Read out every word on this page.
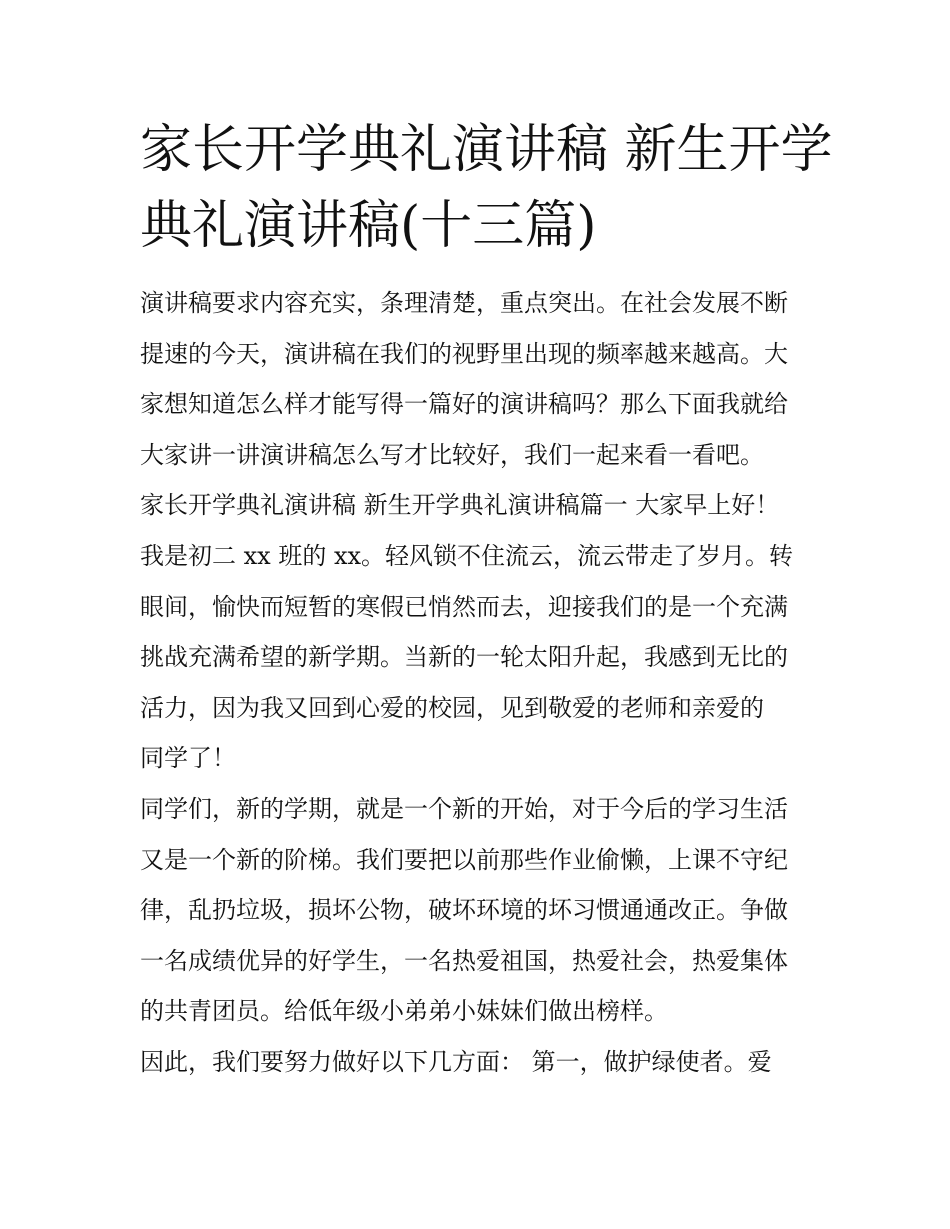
家长开学典礼演讲稿 新生开学
典礼演讲稿(十三篇)
演讲稿要求内容充实，条理清楚，重点突出。在社会发展不断
提速的今天，演讲稿在我们的视野里出现的频率越来越高。大
家想知道怎么样才能写得一篇好的演讲稿吗？那么下面我就给
大家讲一讲演讲稿怎么写才比较好，我们一起来看一看吧。
家长开学典礼演讲稿 新生开学典礼演讲稿篇一 大家早上好！
我是初二 xx 班的 xx。轻风锁不住流云，流云带走了岁月。转
眼间，愉快而短暂的寒假已悄然而去，迎接我们的是一个充满
挑战充满希望的新学期。当新的一轮太阳升起，我感到无比的
活力，因为我又回到心爱的校园，见到敬爱的老师和亲爱的
同学了！
同学们，新的学期，就是一个新的开始，对于今后的学习生活
又是一个新的阶梯。我们要把以前那些作业偷懒，上课不守纪
律，乱扔垃圾，损坏公物，破坏环境的坏习惯通通改正。争做
一名成绩优异的好学生，一名热爱祖国，热爱社会，热爱集体
的共青团员。给低年级小弟弟小妹妹们做出榜样。
因此，我们要努力做好以下几方面： 第一，做护绿使者。爱
